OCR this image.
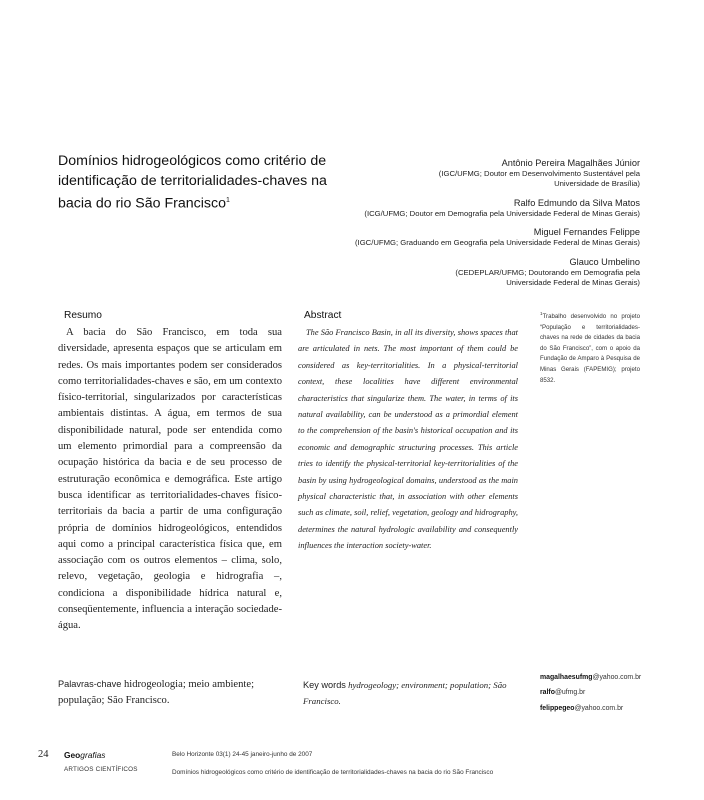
Domínios hidrogeológicos como critério de identificação de territorialidades-chaves na bacia do rio São Francisco$^1$
Antônio Pereira Magalhães Júnior
(IGC/UFMG; Doutor em Desenvolvimento Sustentável pela
Universidade de Brasília)
Ralfo Edmundo da Silva Matos
(ICG/UFMG; Doutor em Demografia pela Universidade Federal de Minas Gerais)
Miguel Fernandes Felippe
(IGC/UFMG; Graduando em Geografia pela Universidade Federal de Minas Gerais)
Glauco Umbelino
(CEDEPLAR/UFMG; Doutorando em Demografia pela
Universidade Federal de Minas Gerais)
Resumo
A bacia do São Francisco, em toda sua diversidade, apresenta espaços que se articulam em redes. Os mais importantes podem ser considerados como territorialidades-chaves e são, em um contexto físico-territorial, singularizados por características ambientais distintas. A água, em termos de sua disponibilidade natural, pode ser entendida como um elemento primordial para a compreensão da ocupação histórica da bacia e de seu processo de estruturação econômica e demográfica. Este artigo busca identificar as territorialidades-chaves físico-territoriais da bacia a partir de uma configuração própria de domínios hidrogeológicos, entendidos aqui como a principal característica física que, em associação com os outros elementos – clima, solo, relevo, vegetação, geologia e hidrografia –, condiciona a disponibilidade hídrica natural e, conseqüentemente, influencia a interação sociedade-água.
Abstract
The São Francisco Basin, in all its diversity, shows spaces that are articulated in nets. The most important of them could be considered as key-territorialities. In a physical-territorial context, these localities have different environmental characteristics that singularize them. The water, in terms of its natural availability, can be understood as a primordial element to the comprehension of the basin's historical occupation and its economic and demographic structuring processes. This article tries to identify the physical-territorial key-territorialities of the basin by using hydrogeological domains, understood as the main physical characteristic that, in association with other elements such as climate, soil, relief, vegetation, geology and hidrography, determines the natural hydrologic availability and consequently influences the interaction society-water.
$^1$Trabalho desenvolvido no projeto “População e territorialidades-chaves na rede de cidades da bacia do São Francisco”, com o apoio da Fundação de Amparo à Pesquisa de Minas Gerais (FAPEMIG); projeto 8532.
Palavras-chave hidrogeologia; meio ambiente; população; São Francisco.
Key words hydrogeology; environment; population; São Francisco.
magalhaesufmg@yahoo.com.br
ralfo@ufmg.br
felippegeo@yahoo.com.br
24 Geografias
ARTIGOS CIENTÍFICOS
Belo Horizonte 03(1) 24-45 janeiro-junho de 2007
Domínios hidrogeológicos como critério de identificação de territorialidades-chaves na bacia do rio São Francisco
